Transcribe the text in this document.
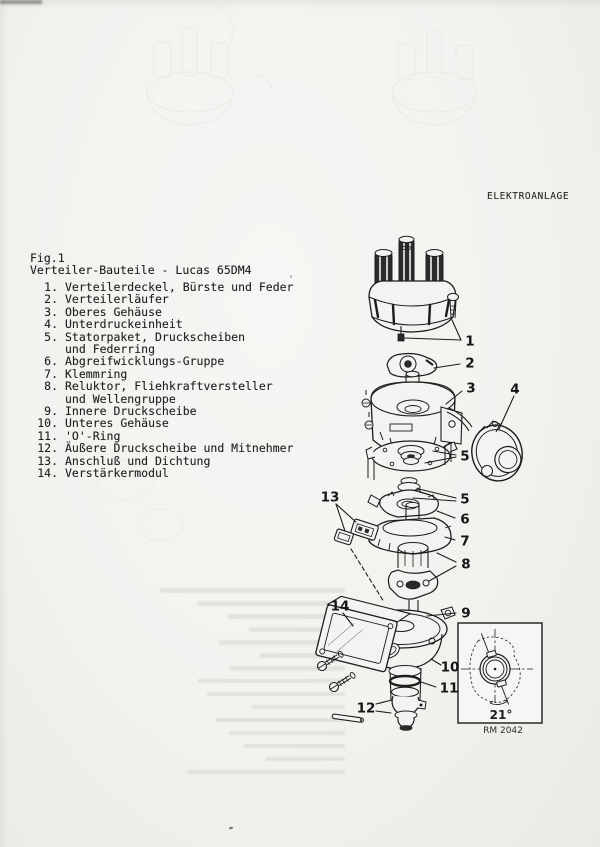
ELEKTROANLAGE
Fig.1
Verteiler-Bauteile - Lucas 65DM4
1. Verteilerdeckel, Bürste und Feder
2. Verteilerläufer
3. Oberes Gehäuse
4. Unterdruckeinheit
5. Statorpaket, Druckscheiben
und Federring
6. Abgreifwicklungs-Gruppe
7. Klemmring
8. Reluktor, Fliehkraftversteller
und Wellengruppe
9. Innere Druckscheibe
10. Unteres Gehäuse
11. 'O'-Ring
12. Äußere Druckscheibe und Mitnehmer
13. Anschluß und Dichtung
14. Verstärkermodul
21°
RM 2042
1
2
3	4
5
5
6
7
8
9
10
11
12
13
14
